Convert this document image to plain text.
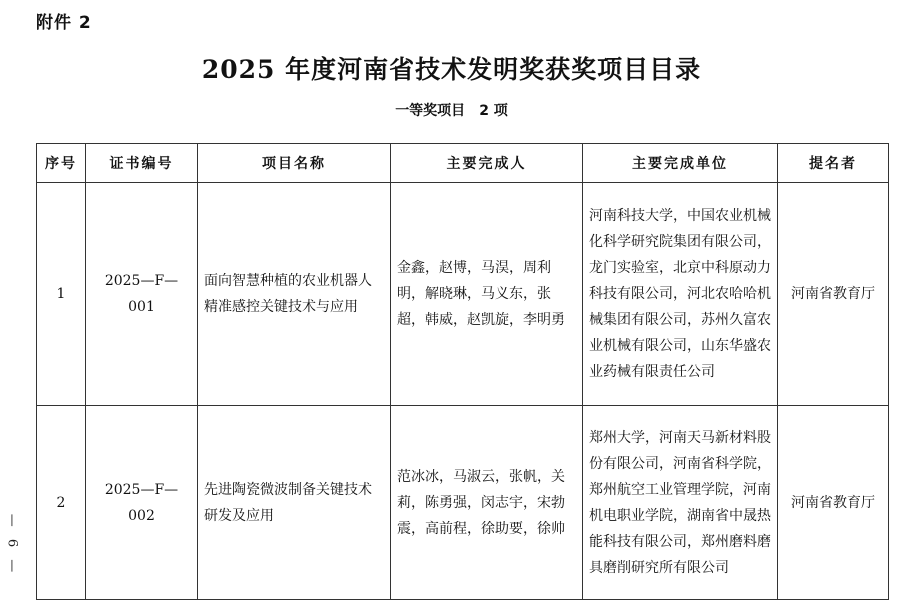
附件 2
2025 年度河南省技术发明奖获奖项目目录
一等奖项目 2 项
— 6 —
序号	证书编号	项目名称	主要完成人	主要完成单位	提名者
1	2025—F—001	面向智慧种植的农业机器人精准感控关键技术与应用	金鑫，赵博，马淏，周利明，解晓琳，马义东，张超，韩威，赵凯旋，李明勇	河南科技大学，中国农业机械化科学研究院集团有限公司，龙门实验室，北京中科原动力科技有限公司，河北农哈哈机械集团有限公司，苏州久富农业机械有限公司，山东华盛农业药械有限责任公司	河南省教育厅
2	2025—F—002	先进陶瓷微波制备关键技术研发及应用	范冰冰，马淑云，张帆，关莉，陈勇强，闵志宇，宋勃震，高前程，徐助要，徐帅	郑州大学，河南天马新材料股份有限公司，河南省科学院，郑州航空工业管理学院，河南机电职业学院，湖南省中晟热能科技有限公司，郑州磨料磨具磨削研究所有限公司	河南省教育厅
